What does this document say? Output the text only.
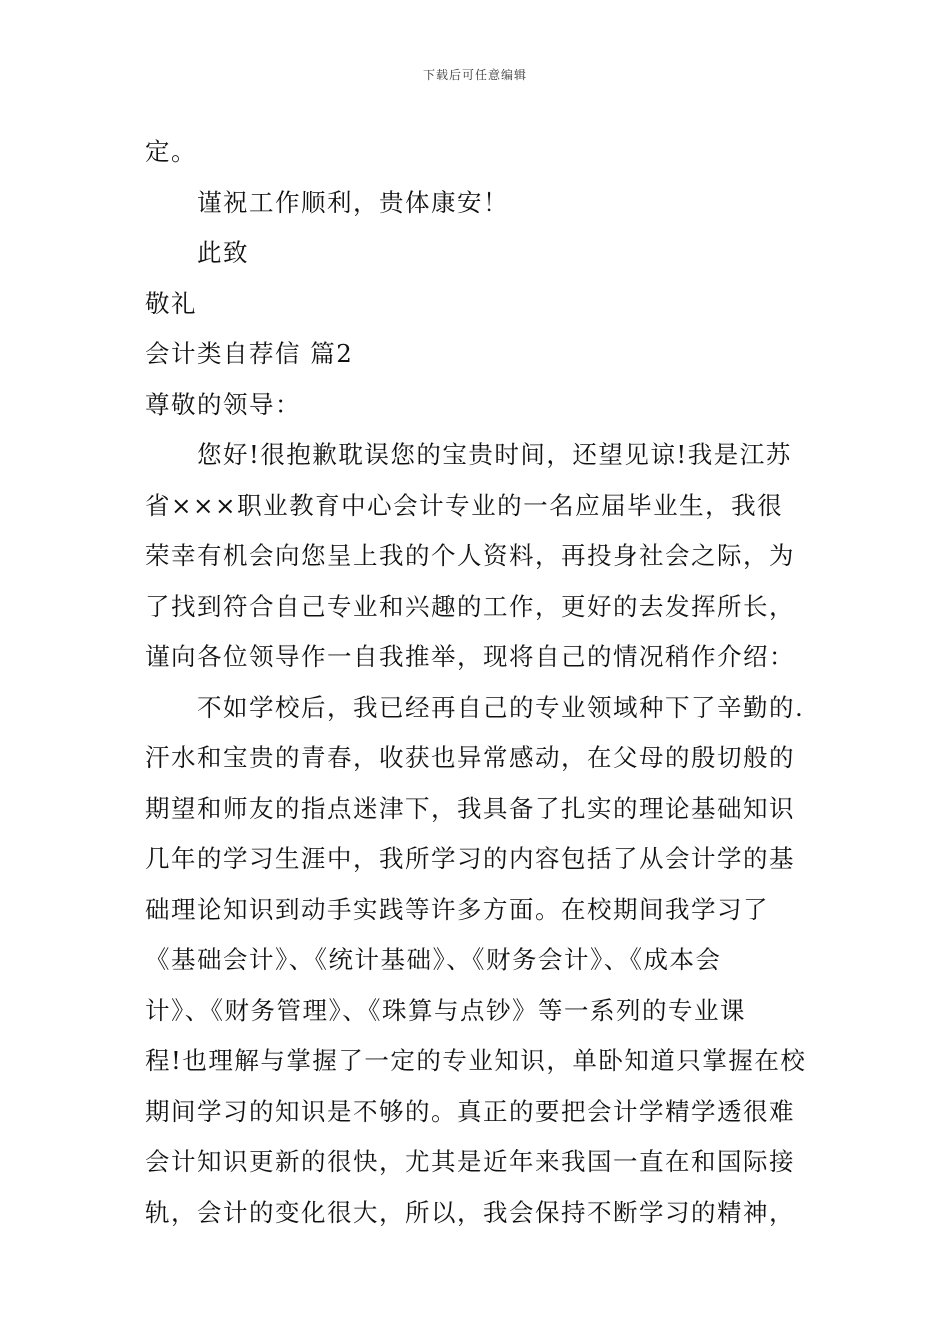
下载后可任意编辑

定。

谨祝工作顺利，贵体康安！

此致

敬礼

会计类自荐信 篇2

尊敬的领导：

您好!很抱歉耽误您的宝贵时间，还望见谅!我是江苏

省×××职业教育中心会计专业的一名应届毕业生，我很

荣幸有机会向您呈上我的个人资料，再投身社会之际，为

了找到符合自己专业和兴趣的工作，更好的去发挥所长，

谨向各位领导作一自我推举，现将自己的情况稍作介绍：

不如学校后，我已经再自己的专业领域种下了辛勤的.

汗水和宝贵的青春，收获也异常感动，在父母的殷切般的

期望和师友的指点迷津下，我具备了扎实的理论基础知识

几年的学习生涯中，我所学习的内容包括了从会计学的基

础理论知识到动手实践等许多方面。在校期间我学习了

《基础会计》、《统计基础》、《财务会计》、《成本会

计》、《财务管理》、《珠算与点钞》等一系列的专业课

程!也理解与掌握了一定的专业知识，单卧知道只掌握在校

期间学习的知识是不够的。真正的要把会计学精学透很难

会计知识更新的很快，尤其是近年来我国一直在和国际接

轨，会计的变化很大，所以，我会保持不断学习的精神，
